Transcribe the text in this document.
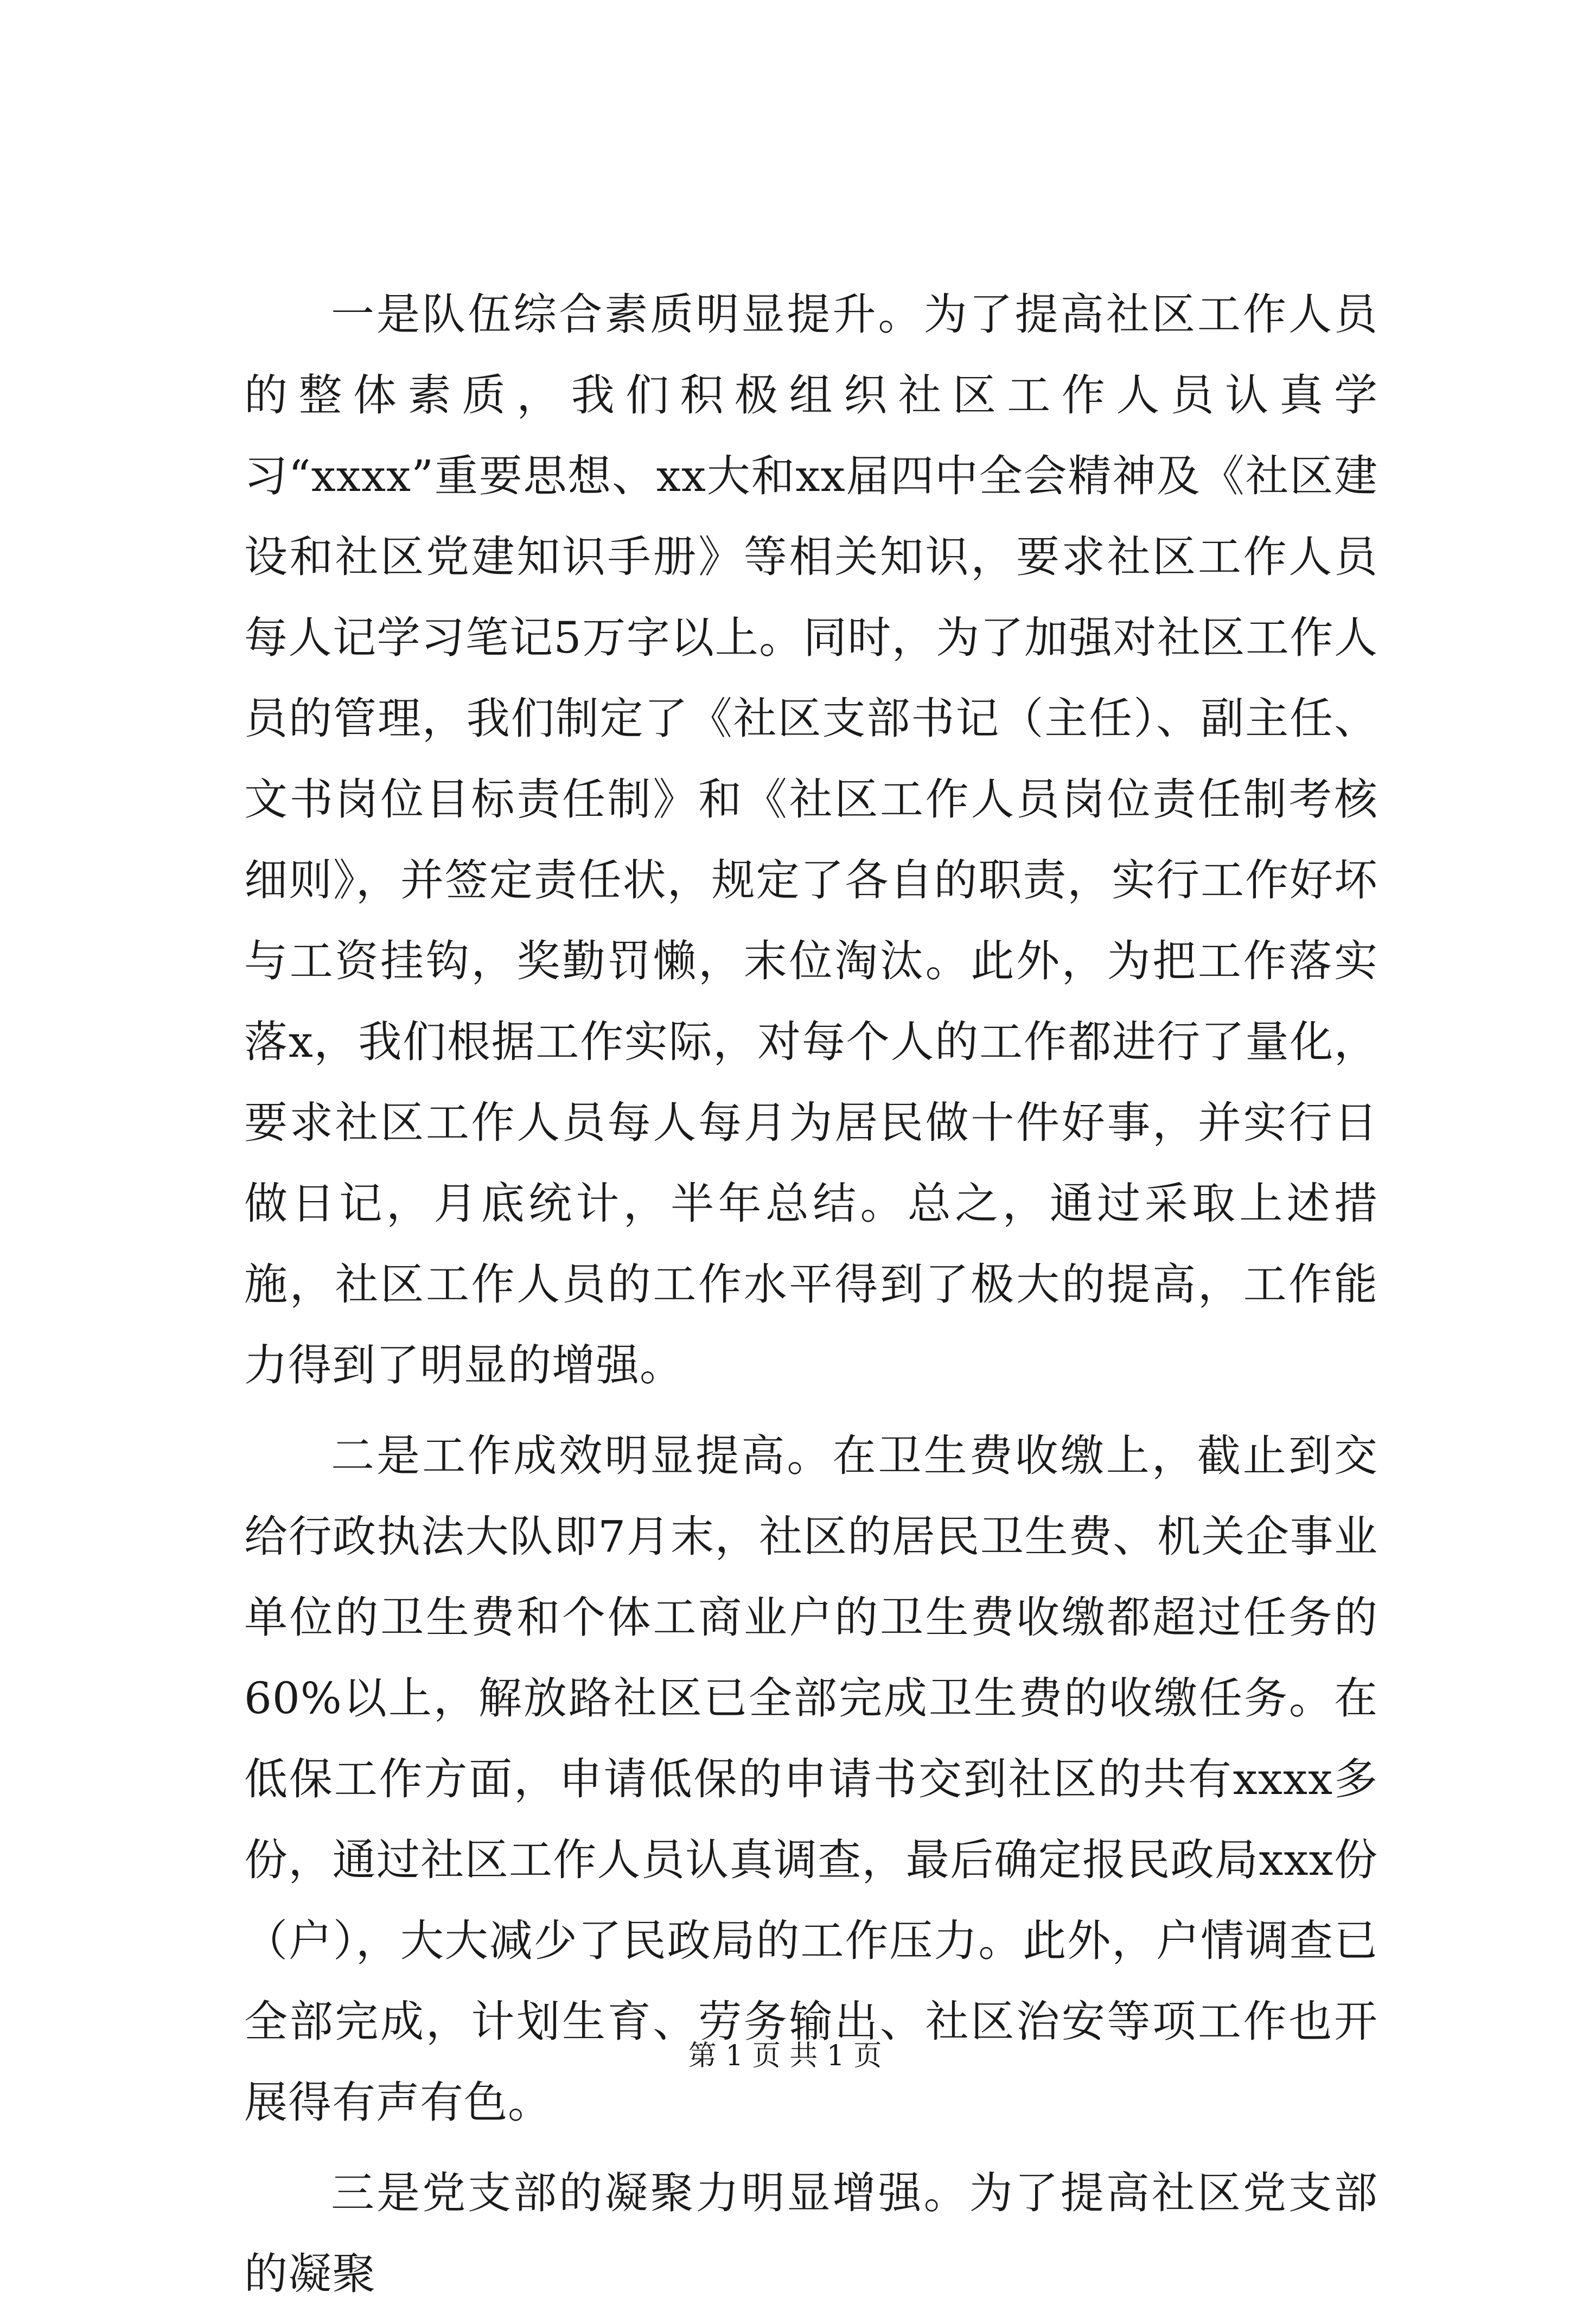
一是队伍综合素质明显提升。为了提高社区工作人员的整体素质，我们积极组织社区工作人员认真学习“xxxx”重要思想、xx大和xx届四中全会精神及《社区建设和社区党建知识手册》等相关知识，要求社区工作人员每人记学习笔记5万字以上。同时，为了加强对社区工作人员的管理，我们制定了《社区支部书记（主任）、副主任、文书岗位目标责任制》和《社区工作人员岗位责任制考核细则》，并签定责任状，规定了各自的职责，实行工作好坏与工资挂钩，奖勤罚懒，末位淘汰。此外，为把工作落实落x，我们根据工作实际，对每个人的工作都进行了量化，要求社区工作人员每人每月为居民做十件好事，并实行日做日记，月底统计，半年总结。总之，通过采取上述措施，社区工作人员的工作水平得到了极大的提高，工作能力得到了明显的增强。

二是工作成效明显提高。在卫生费收缴上，截止到交给行政执法大队即7月末，社区的居民卫生费、机关企事业单位的卫生费和个体工商业户的卫生费收缴都超过任务的60%以上，解放路社区已全部完成卫生费的收缴任务。在低保工作方面，申请低保的申请书交到社区的共有xxxx多份，通过社区工作人员认真调查，最后确定报民政局xxx份（户），大大减少了民政局的工作压力。此外，户情调查已全部完成，计划生育、劳务输出、社区治安等项工作也开展得有声有色。

三是党支部的凝聚力明显增强。为了提高社区党支部的凝聚

第 1 页 共 1 页
